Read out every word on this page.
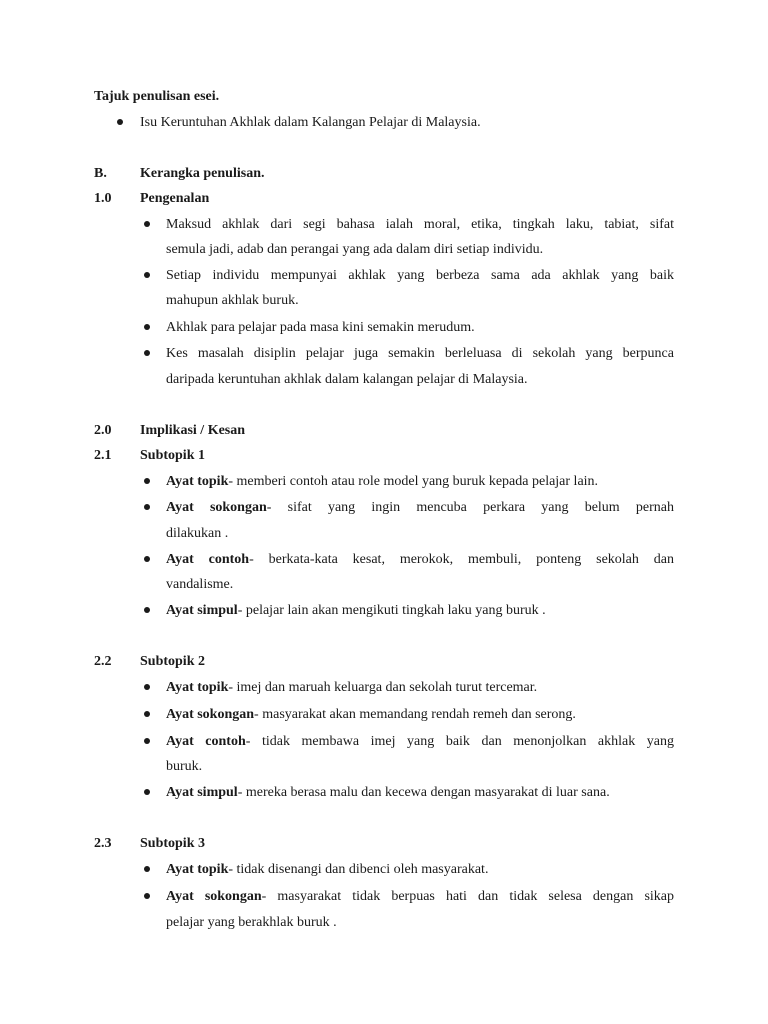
Tajuk penulisan esei.
Isu Keruntuhan Akhlak dalam Kalangan Pelajar di Malaysia.
B. Kerangka penulisan.
1.0 Pengenalan
Maksud akhlak dari segi bahasa ialah moral, etika, tingkah laku, tabiat, sifat
semula jadi, adab dan perangai yang ada dalam diri setiap individu.
Setiap individu mempunyai akhlak yang berbeza sama ada akhlak yang baik
mahupun akhlak buruk.
Akhlak para pelajar pada masa kini semakin merudum.
Kes masalah disiplin pelajar juga semakin berleluasa di sekolah yang berpunca
daripada keruntuhan akhlak dalam kalangan pelajar di Malaysia.
2.0 Implikasi / Kesan
2.1 Subtopik 1
Ayat topik- memberi contoh atau role model yang buruk kepada pelajar lain.
Ayat sokongan- sifat yang ingin mencuba perkara yang belum pernah
dilakukan .
Ayat contoh- berkata-kata kesat, merokok, membuli, ponteng sekolah dan
vandalisme.
Ayat simpul- pelajar lain akan mengikuti tingkah laku yang buruk .
2.2 Subtopik 2
Ayat topik- imej dan maruah keluarga dan sekolah turut tercemar.
Ayat sokongan- masyarakat akan memandang rendah remeh dan serong.
Ayat contoh- tidak membawa imej yang baik dan menonjolkan akhlak yang
buruk.
Ayat simpul- mereka berasa malu dan kecewa dengan masyarakat di luar sana.
2.3 Subtopik 3
Ayat topik- tidak disenangi dan dibenci oleh masyarakat.
Ayat sokongan- masyarakat tidak berpuas hati dan tidak selesa dengan sikap
pelajar yang berakhlak buruk .
